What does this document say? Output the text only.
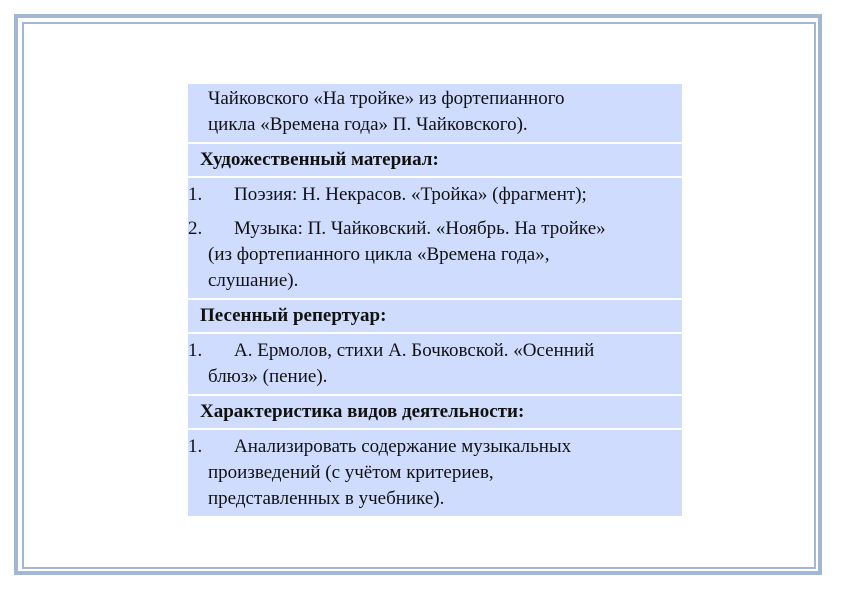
Чайковского «На тройке» из фортепианного
цикла «Времена года» П. Чайковского).
Художественный материал:
1.	Поэзия: Н. Некрасов. «Тройка» (фрагмент);
2.	Музыка: П. Чайковский. «Ноябрь. На тройке»
(из фортепианного цикла «Времена года»,
слушание).
Песенный репертуар:
1.	А. Ермолов, стихи А. Бочковской. «Осенний
блюз» (пение).
Характеристика видов деятельности:
1.	Анализировать содержание музыкальных
произведений (с учётом критериев,
представленных в учебнике).
